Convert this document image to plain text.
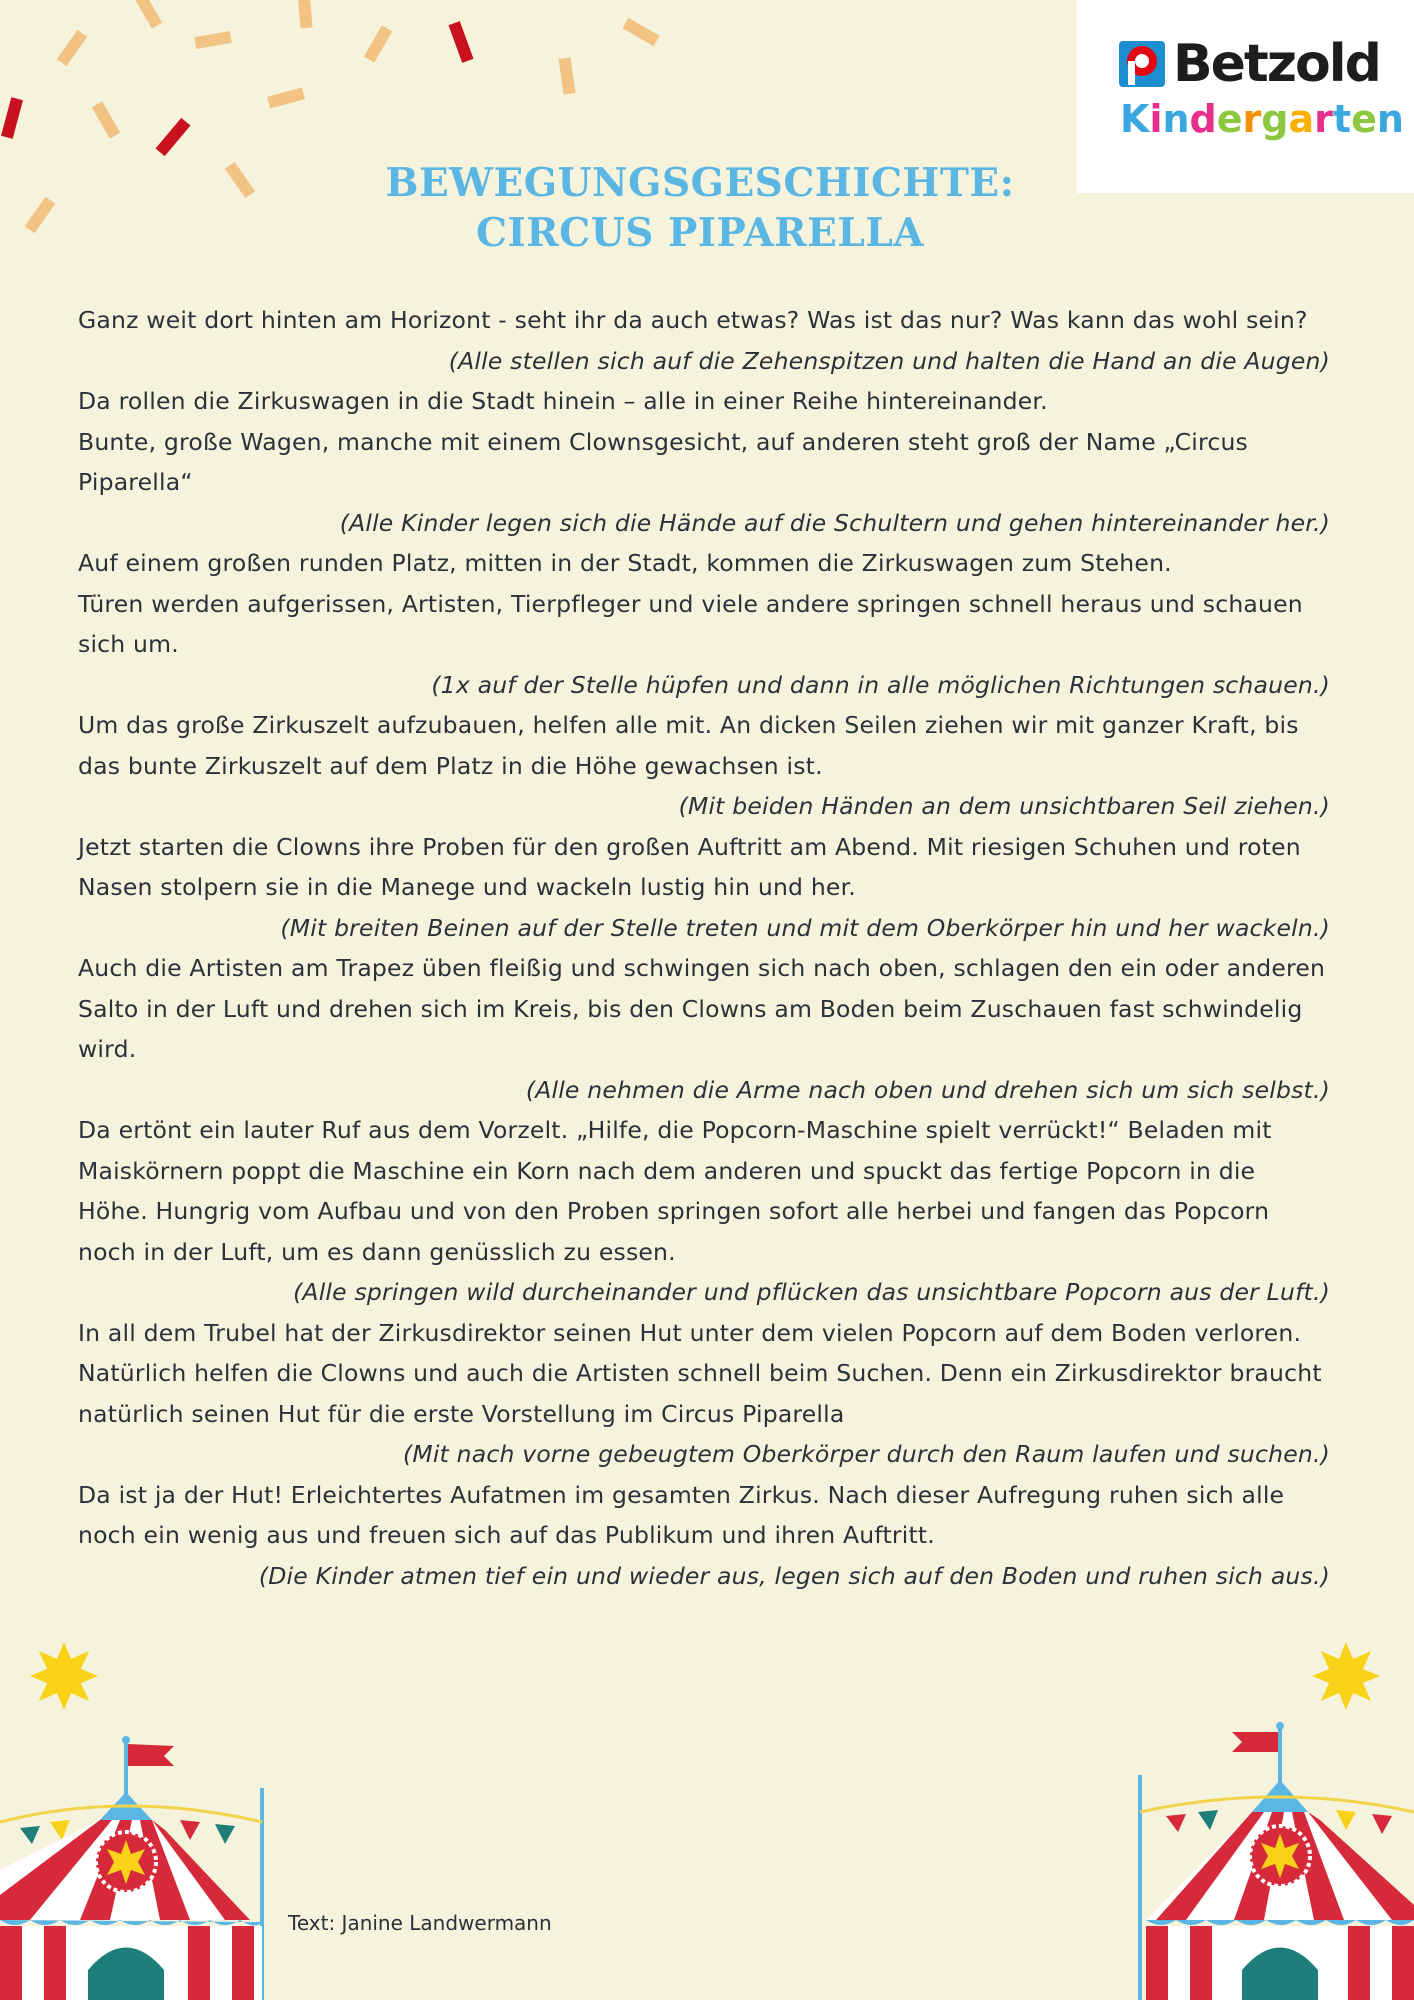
Betzold
Kindergarten
BEWEGUNGSGESCHICHTE:
CIRCUS PIPARELLA

Ganz weit dort hinten am Horizont - seht ihr da auch etwas? Was ist das nur? Was kann das wohl sein?

(Alle stellen sich auf die Zehenspitzen und halten die Hand an die Augen)

Da rollen die Zirkuswagen in die Stadt hinein – alle in einer Reihe hintereinander.

Bunte, große Wagen, manche mit einem Clownsgesicht, auf anderen steht groß der Name „Circus Piparella“

(Alle Kinder legen sich die Hände auf die Schultern und gehen hintereinander her.)

Auf einem großen runden Platz, mitten in der Stadt, kommen die Zirkuswagen zum Stehen.

Türen werden aufgerissen, Artisten, Tierpfleger und viele andere springen schnell heraus und schauen sich um.

(1x auf der Stelle hüpfen und dann in alle möglichen Richtungen schauen.)

Um das große Zirkuszelt aufzubauen, helfen alle mit. An dicken Seilen ziehen wir mit ganzer Kraft, bis das bunte Zirkuszelt auf dem Platz in die Höhe gewachsen ist.

(Mit beiden Händen an dem unsichtbaren Seil ziehen.)

Jetzt starten die Clowns ihre Proben für den großen Auftritt am Abend. Mit riesigen Schuhen und roten Nasen stolpern sie in die Manege und wackeln lustig hin und her.

(Mit breiten Beinen auf der Stelle treten und mit dem Oberkörper hin und her wackeln.)

Auch die Artisten am Trapez üben fleißig und schwingen sich nach oben, schlagen den ein oder anderen Salto in der Luft und drehen sich im Kreis, bis den Clowns am Boden beim Zuschauen fast schwindelig wird.

(Alle nehmen die Arme nach oben und drehen sich um sich selbst.)

Da ertönt ein lauter Ruf aus dem Vorzelt. „Hilfe, die Popcorn-Maschine spielt verrückt!“ Beladen mit Maiskörnern poppt die Maschine ein Korn nach dem anderen und spuckt das fertige Popcorn in die Höhe. Hungrig vom Aufbau und von den Proben springen sofort alle herbei und fangen das Popcorn noch in der Luft, um es dann genüsslich zu essen.

(Alle springen wild durcheinander und pflücken das unsichtbare Popcorn aus der Luft.)

In all dem Trubel hat der Zirkusdirektor seinen Hut unter dem vielen Popcorn auf dem Boden verloren. Natürlich helfen die Clowns und auch die Artisten schnell beim Suchen. Denn ein Zirkusdirektor braucht natürlich seinen Hut für die erste Vorstellung im Circus Piparella

(Mit nach vorne gebeugtem Oberkörper durch den Raum laufen und suchen.)

Da ist ja der Hut! Erleichtertes Aufatmen im gesamten Zirkus. Nach dieser Aufregung ruhen sich alle noch ein wenig aus und freuen sich auf das Publikum und ihren Auftritt.

(Die Kinder atmen tief ein und wieder aus, legen sich auf den Boden und ruhen sich aus.)

Text: Janine Landwermann
